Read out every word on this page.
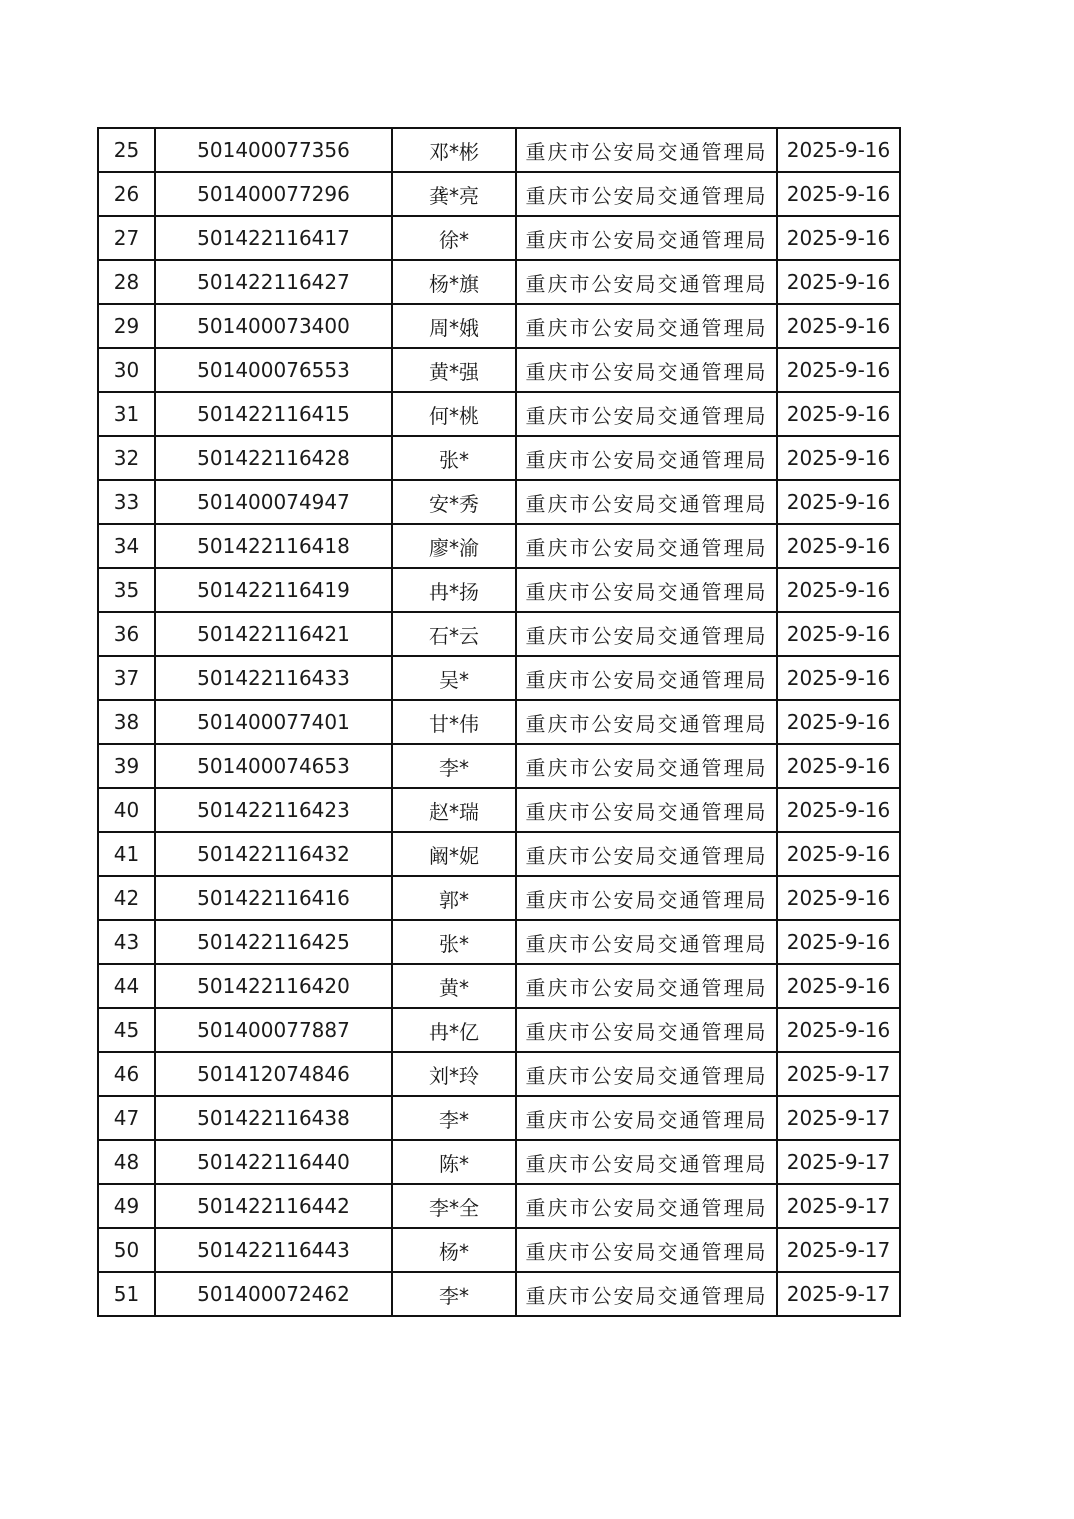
25	501400077356	邓*彬	重庆市公安局交通管理局	2025-9-16
26	501400077296	龚*亮	重庆市公安局交通管理局	2025-9-16
27	501422116417	徐*	重庆市公安局交通管理局	2025-9-16
28	501422116427	杨*旗	重庆市公安局交通管理局	2025-9-16
29	501400073400	周*娥	重庆市公安局交通管理局	2025-9-16
30	501400076553	黄*强	重庆市公安局交通管理局	2025-9-16
31	501422116415	何*桃	重庆市公安局交通管理局	2025-9-16
32	501422116428	张*	重庆市公安局交通管理局	2025-9-16
33	501400074947	安*秀	重庆市公安局交通管理局	2025-9-16
34	501422116418	廖*渝	重庆市公安局交通管理局	2025-9-16
35	501422116419	冉*扬	重庆市公安局交通管理局	2025-9-16
36	501422116421	石*云	重庆市公安局交通管理局	2025-9-16
37	501422116433	吴*	重庆市公安局交通管理局	2025-9-16
38	501400077401	甘*伟	重庆市公安局交通管理局	2025-9-16
39	501400074653	李*	重庆市公安局交通管理局	2025-9-16
40	501422116423	赵*瑞	重庆市公安局交通管理局	2025-9-16
41	501422116432	阚*妮	重庆市公安局交通管理局	2025-9-16
42	501422116416	郭*	重庆市公安局交通管理局	2025-9-16
43	501422116425	张*	重庆市公安局交通管理局	2025-9-16
44	501422116420	黄*	重庆市公安局交通管理局	2025-9-16
45	501400077887	冉*亿	重庆市公安局交通管理局	2025-9-16
46	501412074846	刘*玲	重庆市公安局交通管理局	2025-9-17
47	501422116438	李*	重庆市公安局交通管理局	2025-9-17
48	501422116440	陈*	重庆市公安局交通管理局	2025-9-17
49	501422116442	李*全	重庆市公安局交通管理局	2025-9-17
50	501422116443	杨*	重庆市公安局交通管理局	2025-9-17
51	501400072462	李*	重庆市公安局交通管理局	2025-9-17
